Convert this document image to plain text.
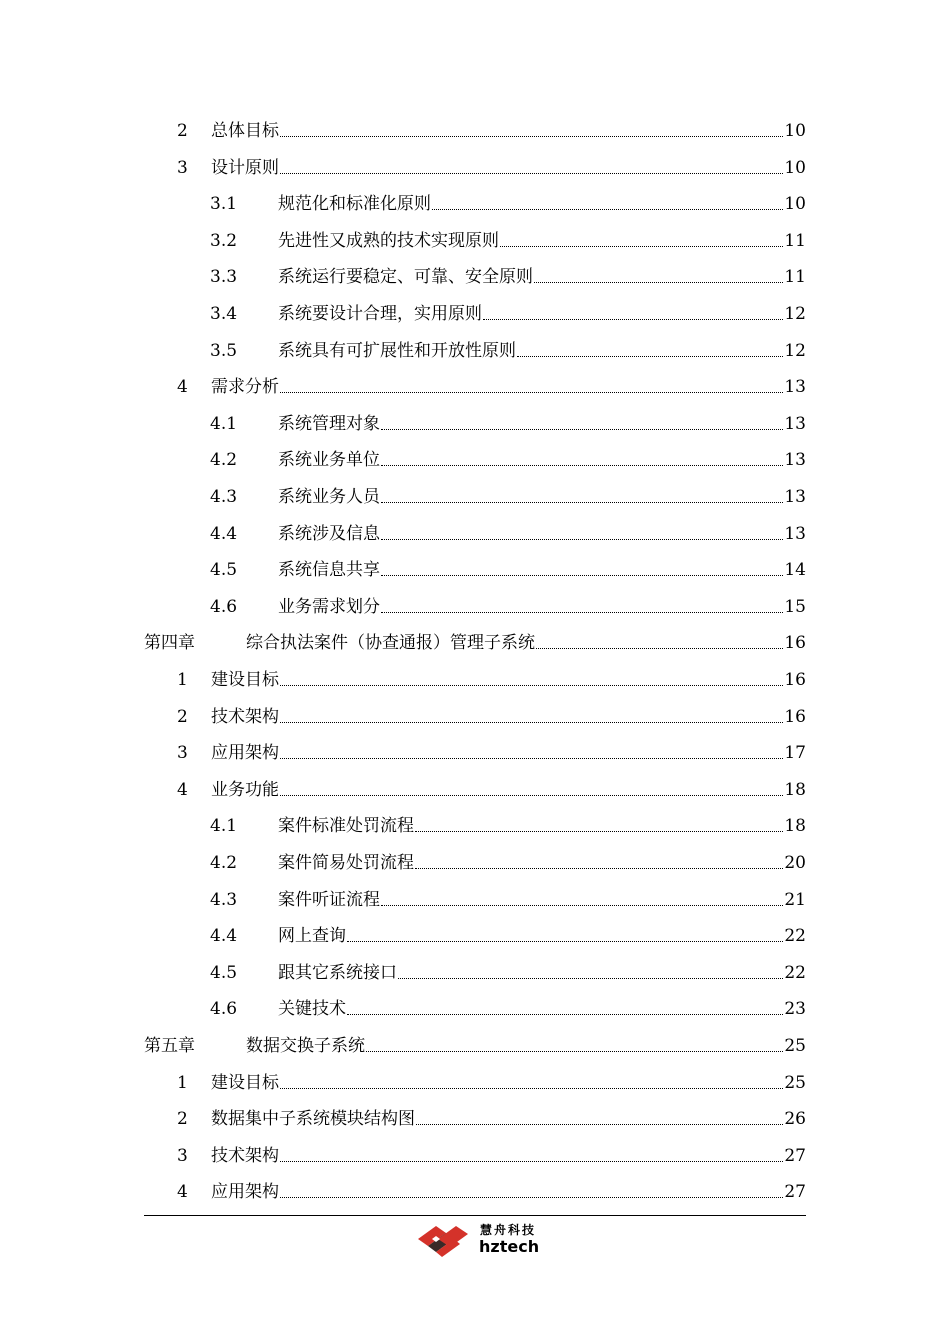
2	总体目标	10
3	设计原则	10
3.1	规范化和标准化原则	10
3.2	先进性又成熟的技术实现原则	11
3.3	系统运行要稳定、可靠、安全原则	11
3.4	系统要设计合理，实用原则	12
3.5	系统具有可扩展性和开放性原则	12
4	需求分析	13
4.1	系统管理对象	13
4.2	系统业务单位	13
4.3	系统业务人员	13
4.4	系统涉及信息	13
4.5	系统信息共享	14
4.6	业务需求划分	15
第四章	综合执法案件（协查通报）管理子系统	16
1	建设目标	16
2	技术架构	16
3	应用架构	17
4	业务功能	18
4.1	案件标准处罚流程	18
4.2	案件简易处罚流程	20
4.3	案件听证流程	21
4.4	网上查询	22
4.5	跟其它系统接口	22
4.6	关键技术	23
第五章	数据交换子系统	25
1	建设目标	25
2	数据集中子系统模块结构图	26
3	技术架构	27
4	应用架构	27
慧舟科技
hztech
